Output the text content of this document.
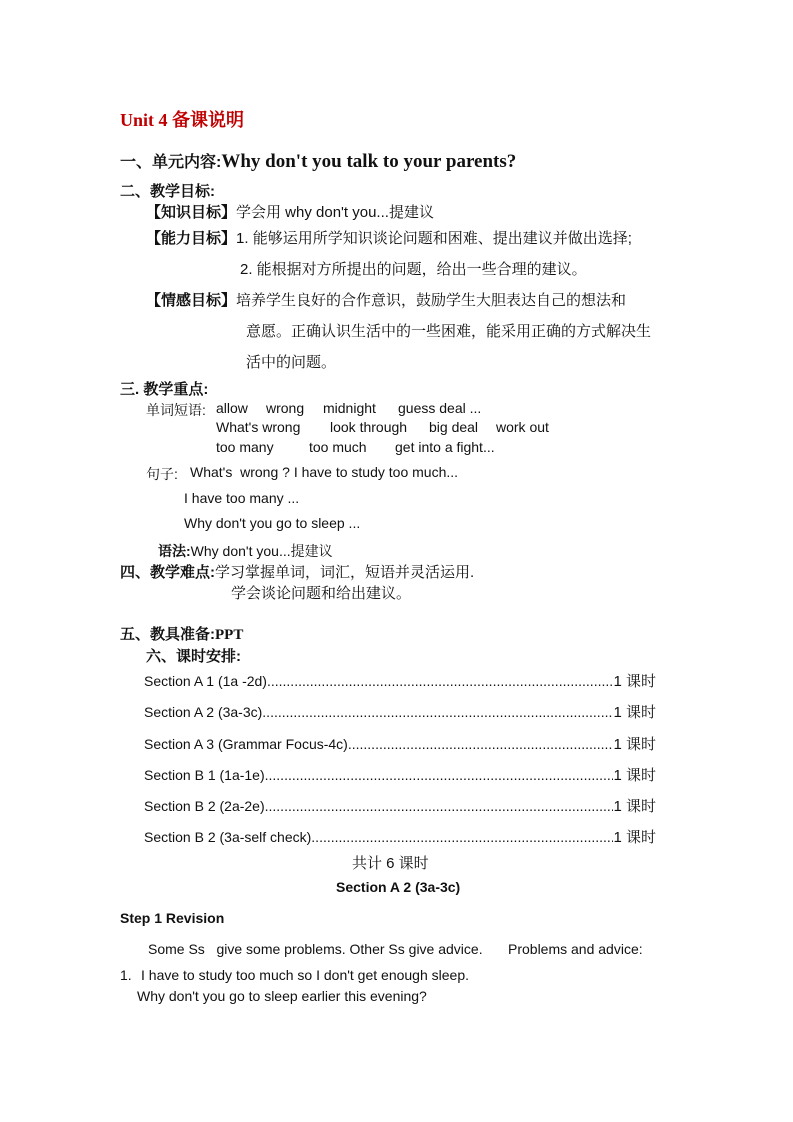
Unit 4 备课说明
一、单元内容:Why don't you talk to your parents?
二、教学目标:
【知识目标】学会用 why don't you...提建议
【能力目标】1. 能够运用所学知识谈论问题和困难、提出建议并做出选择;
2. 能根据对方所提出的问题，给出一些合理的建议。
【情感目标】培养学生良好的合作意识，鼓励学生大胆表达自己的想法和
意愿。正确认识生活中的一些困难，能采用正确的方式解决生
活中的问题。
三. 教学重点:
单词短语: allow wrong midnight guess deal ...
What's wrong look through big deal work out
too many	too much get into a fight...
句子: What's  wrong ? I have to study too much...
I have too many ...
Why don't you go to sleep ...
语法:Why don't you...提建议
四、教学难点:学习掌握单词，词汇，短语并灵活运用.
学会谈论问题和给出建议。
五、教具准备:PPT
六、课时安排:
Section A 1 (1a -2d) .....	1 课时
Section A 2 (3a-3c) .....	1 课时
Section A 3 (Grammar Focus-4c) .....	1 课时
Section B 1 (1a-1e) .....	1 课时
Section B 2 (2a-2e) .....	1 课时
Section B 2 (3a-self check) .....	1 课时
共计 6 课时
Section A 2 (3a-3c)
Step 1 Revision
Some Ss   give some problems. Other Ss give advice. Problems and advice:
1. I have to study too much so I don't get enough sleep.
Why don't you go to sleep earlier this evening?
